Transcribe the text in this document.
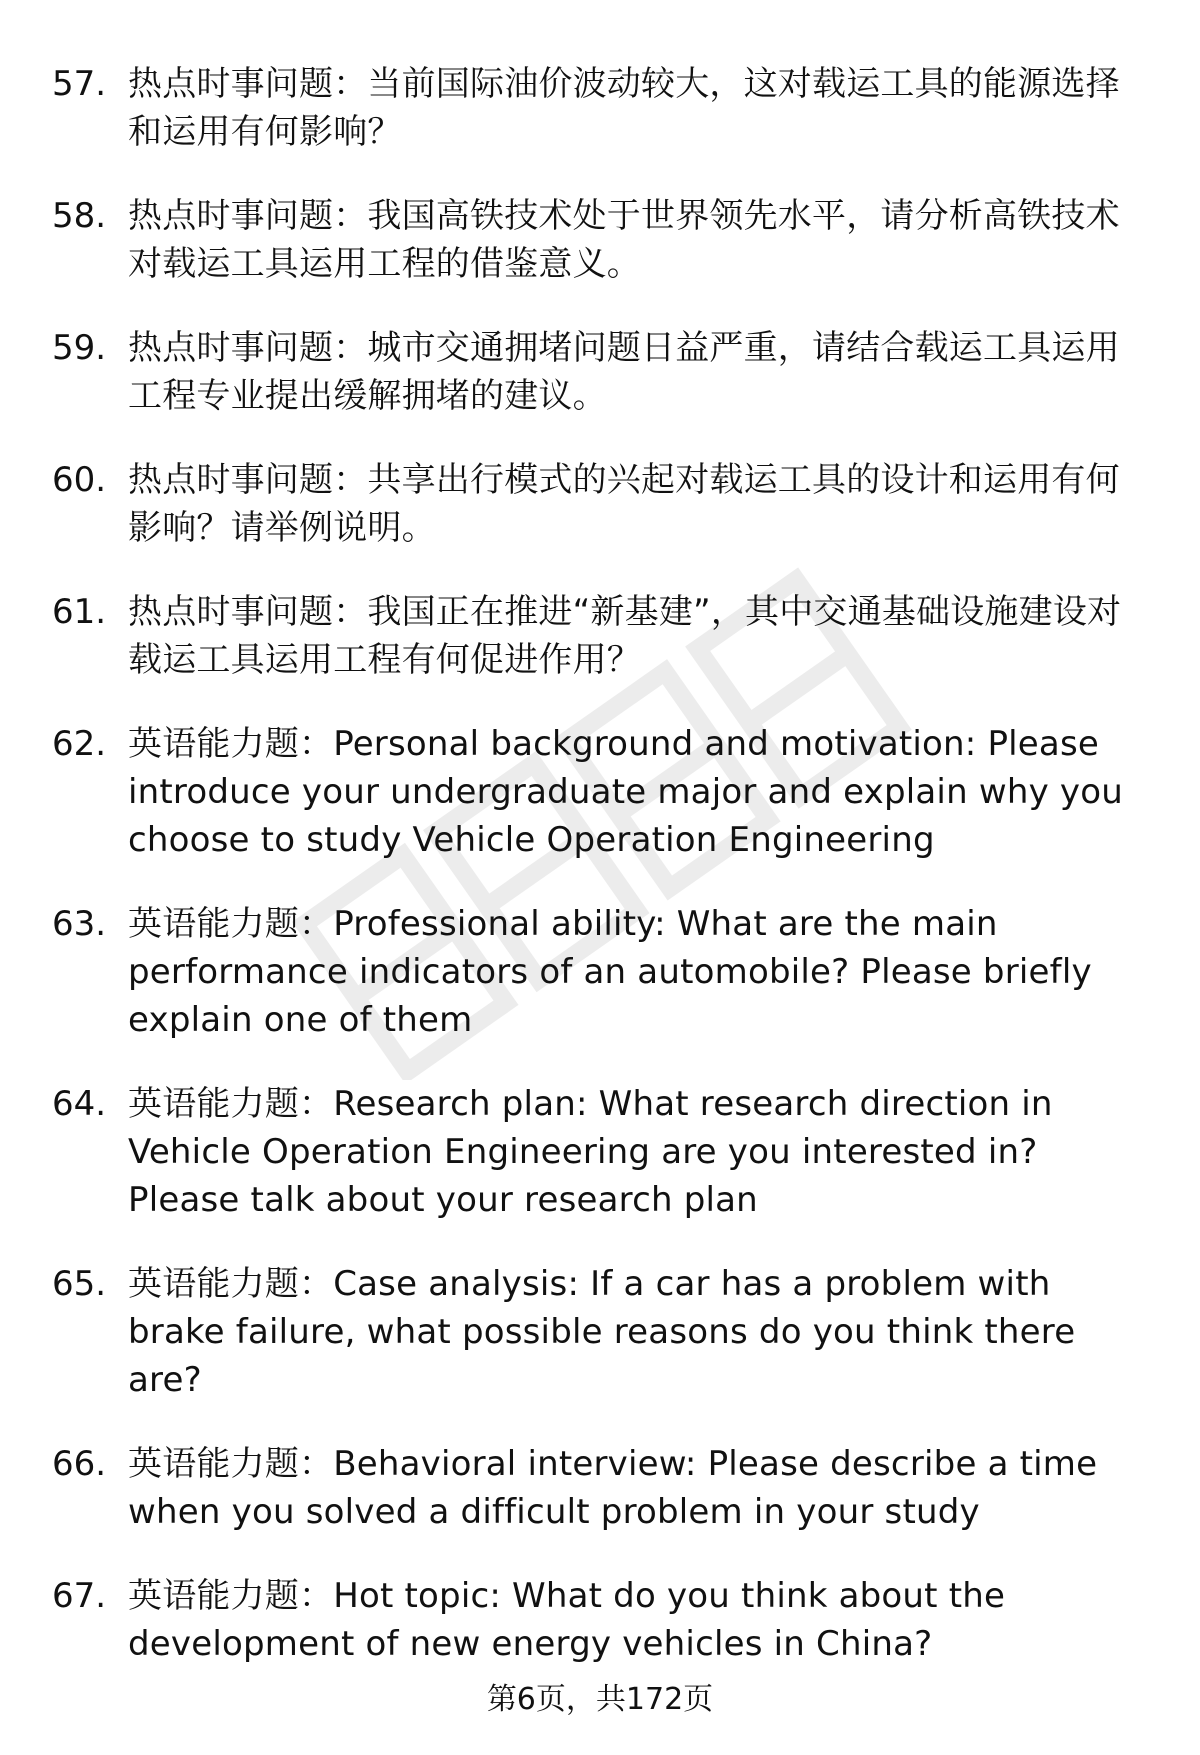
57. 热点时事问题：当前国际油价波动较大，这对载运工具的能源选择和运用有何影响？
58. 热点时事问题：我国高铁技术处于世界领先水平，请分析高铁技术对载运工具运用工程的借鉴意义。
59. 热点时事问题：城市交通拥堵问题日益严重，请结合载运工具运用工程专业提出缓解拥堵的建议。
60. 热点时事问题：共享出行模式的兴起对载运工具的设计和运用有何影响？请举例说明。
61. 热点时事问题：我国正在推进“新基建”，其中交通基础设施建设对载运工具运用工程有何促进作用？
62. 英语能力题：Personal background and motivation: Please introduce your undergraduate major and explain why you choose to study Vehicle Operation Engineering
63. 英语能力题：Professional ability: What are the main performance indicators of an automobile? Please briefly explain one of them
64. 英语能力题：Research plan: What research direction in Vehicle Operation Engineering are you interested in? Please talk about your research plan
65. 英语能力题：Case analysis: If a car has a problem with brake failure, what possible reasons do you think there are?
66. 英语能力题：Behavioral interview: Please describe a time when you solved a difficult problem in your study
67. 英语能力题：Hot topic: What do you think about the development of new energy vehicles in China?
第6页，共172页
